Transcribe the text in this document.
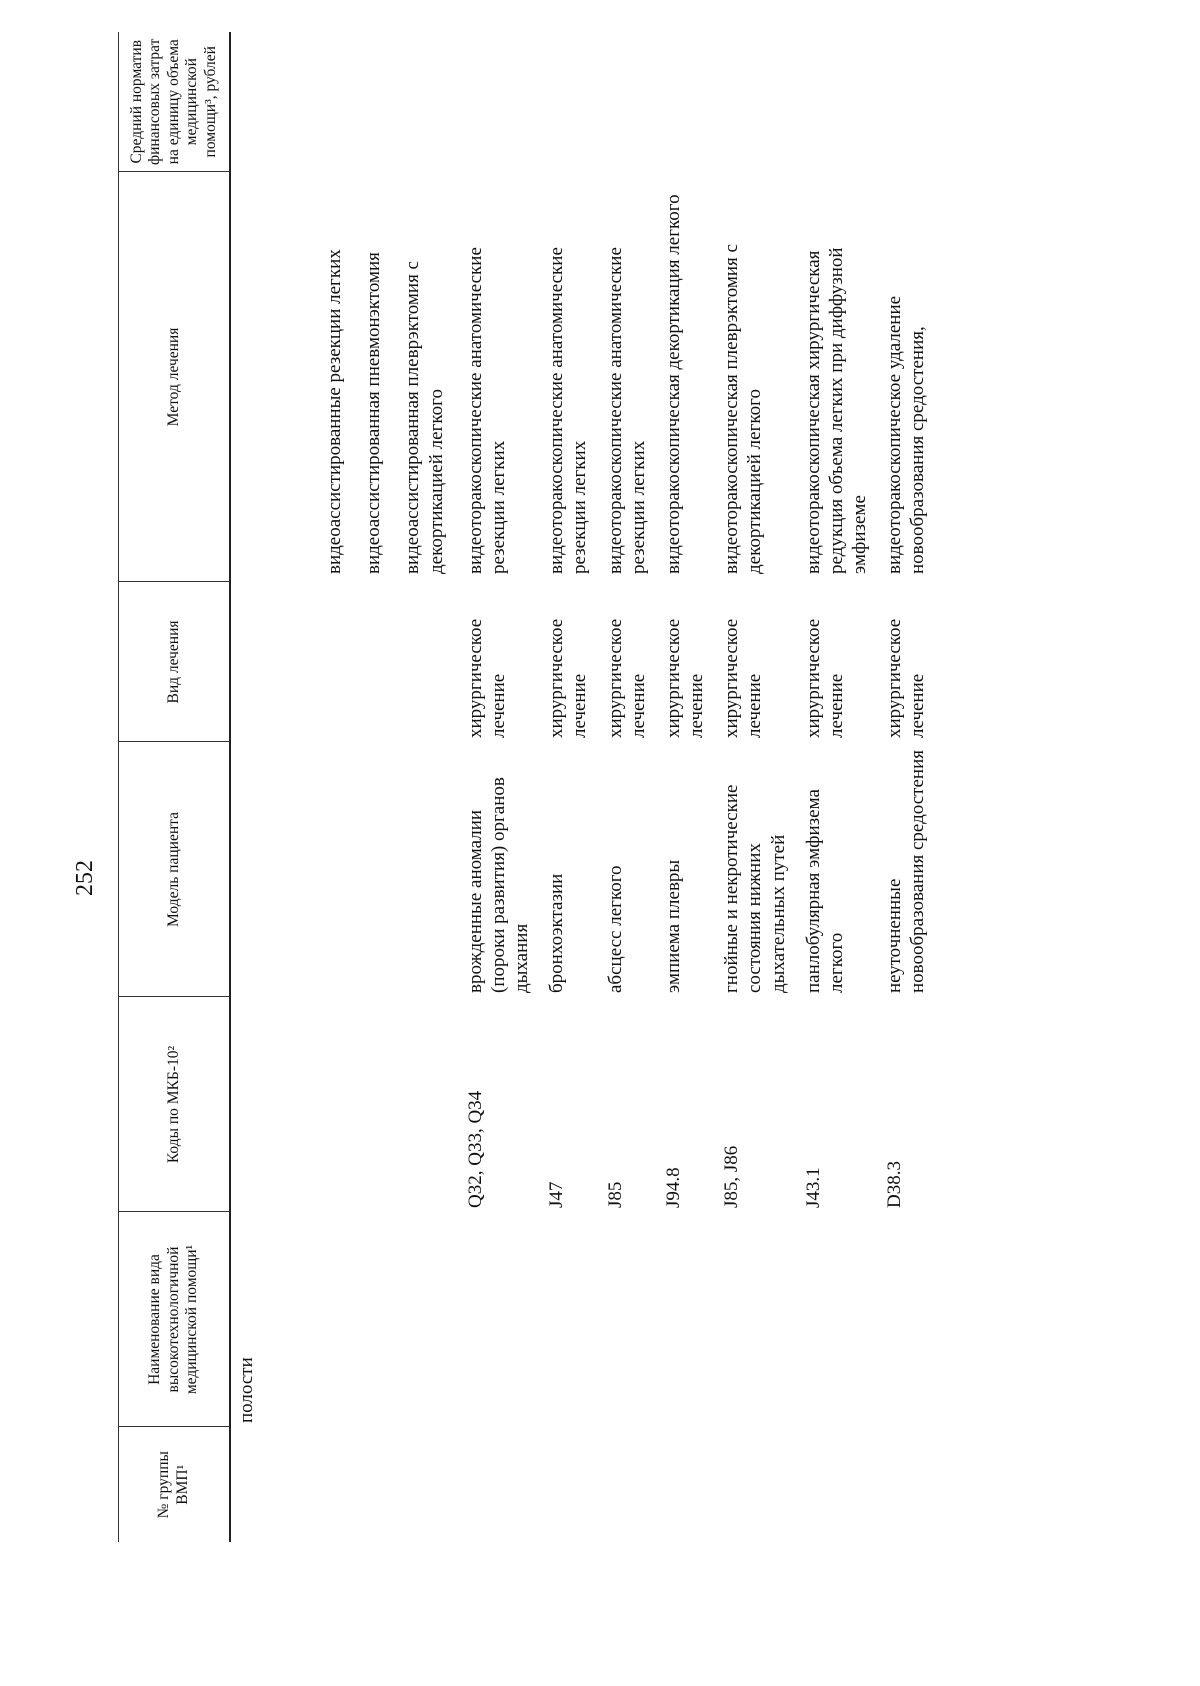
252
№ группы ВМП¹	Наименование вида высокотехнологичной медицинской помощи¹	Коды по МКБ-10²	Модель пациента	Вид лечения	Метод лечения	Средний норматив финансовых затрат на единицу объема медицинской помощи³, рублей
	полости					
					видеоассистированные резекции легких	
					видеоассистированная пневмонэктомия	
					видеоассистированная плеврэктомия с декортикацией легкого	
		Q32, Q33, Q34	врожденные аномалии (пороки развития) органов дыхания	хирургическое лечение	видеоторакоскопические анатомические резекции легких	
		J47	бронхоэктазии	хирургическое лечение	видеоторакоскопические анатомические резекции легких	
		J85	абсцесс легкого	хирургическое лечение	видеоторакоскопические анатомические резекции легких	
		J94.8	эмпиема плевры	хирургическое лечение	видеоторакоскопическая декортикация легкого	
		J85, J86	гнойные и некротические состояния нижних дыхательных путей	хирургическое лечение	видеоторакоскопическая плеврэктомия с декортикацией легкого	
		J43.1	панлобулярная эмфизема легкого	хирургическое лечение	видеоторакоскопическая хирургическая редукция объема легких при диффузной эмфиземе	
		D38.3	неуточненные новообразования средостения	хирургическое лечение	видеоторакоскопическое удаление новообразования средостения,	
